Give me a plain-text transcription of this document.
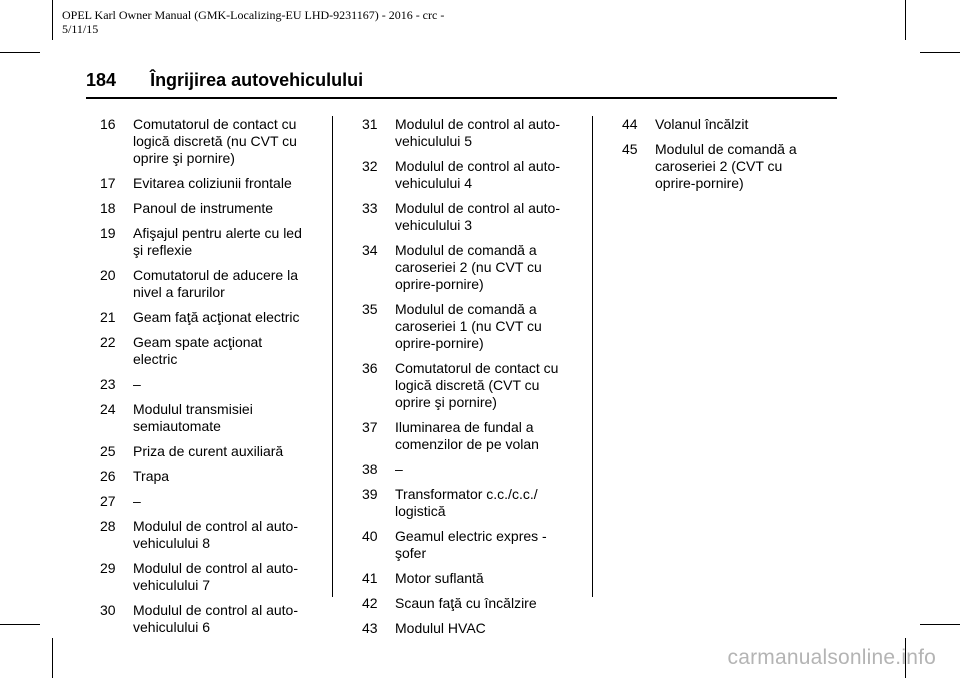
OPEL Karl Owner Manual (GMK-Localizing-EU LHD-9231167) - 2016 - crc -
5/11/15
184 Îngrijirea autovehiculului
16	Comutatorul de contact cu
logică discretă (nu CVT cu
oprire şi pornire)
17	Evitarea coliziunii frontale
18	Panoul de instrumente
19	Afişajul pentru alerte cu led
şi reflexie
20	Comutatorul de aducere la
nivel a farurilor
21	Geam faţă acţionat electric
22	Geam spate acţionat
electric
23	–
24	Modulul transmisiei
semiautomate
25	Priza de curent auxiliară
26	Trapa
27	–
28	Modulul de control al auto‐
vehiculului 8
29	Modulul de control al auto‐
vehiculului 7
30	Modulul de control al auto‐
vehiculului 6
31	Modulul de control al auto‐
vehiculului 5
32	Modulul de control al auto‐
vehiculului 4
33	Modulul de control al auto‐
vehiculului 3
34	Modulul de comandă a
caroseriei 2 (nu CVT cu
oprire-pornire)
35	Modulul de comandă a
caroseriei 1 (nu CVT cu
oprire-pornire)
36	Comutatorul de contact cu
logică discretă (CVT cu
oprire şi pornire)
37	Iluminarea de fundal a
comenzilor de pe volan
38	–
39	Transformator c.c./c.c./
logistică
40	Geamul electric expres -
şofer
41	Motor suflantă
42	Scaun faţă cu încălzire
43	Modulul HVAC
44	Volanul încălzit
45	Modulul de comandă a
caroseriei 2 (CVT cu
oprire-pornire)
carmanualsonline.info
